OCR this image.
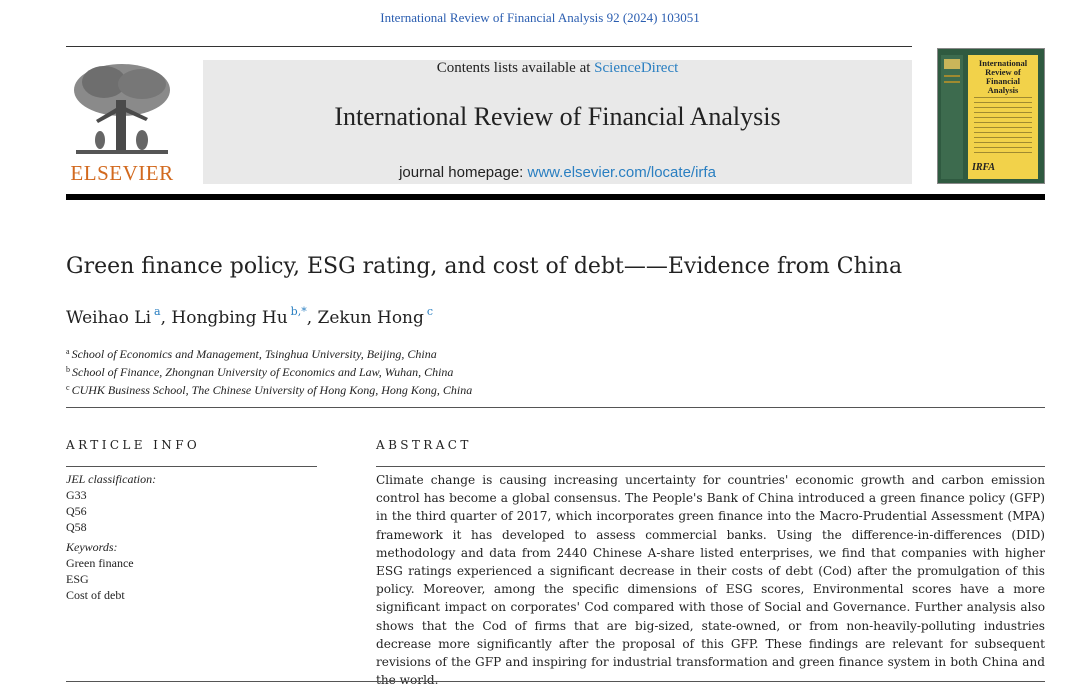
International Review of Financial Analysis 92 (2024) 103051
ELSEVIER
Contents lists available at ScienceDirect
International Review of Financial Analysis
journal homepage: www.elsevier.com/locate/irfa
International Review of Financial Analysis
IRFA
Green finance policy, ESG rating, and cost of debt——Evidence from China
Weihao Li $^a$, Hongbing Hu $^{b,*}$, Zekun Hong $^c$
$^a$ School of Economics and Management, Tsinghua University, Beijing, China
$^b$ School of Finance, Zhongnan University of Economics and Law, Wuhan, China
$^c$ CUHK Business School, The Chinese University of Hong Kong, Hong Kong, China
ARTICLE INFO	ABSTRACT
JEL classification:
G33
Q56
Q58
Keywords:
Green finance
ESG
Cost of debt
Climate change is causing increasing uncertainty for countries' economic growth and carbon emission control has become a global consensus. The People's Bank of China introduced a green finance policy (GFP) in the third quarter of 2017, which incorporates green finance into the Macro-Prudential Assessment (MPA) framework it has developed to assess commercial banks. Using the difference-in-differences (DID) methodology and data from 2440 Chinese A-share listed enterprises, we find that companies with higher ESG ratings experienced a significant decrease in their costs of debt (Cod) after the promulgation of this policy. Moreover, among the specific dimensions of ESG scores, Environmental scores have a more significant impact on corporates' Cod compared with those of Social and Governance. Further analysis also shows that the Cod of firms that are big-sized, state-owned, or from non-heavily-polluting industries decrease more significantly after the proposal of this GFP. These findings are relevant for subsequent revisions of the GFP and inspiring for industrial transformation and green finance system in both China and
